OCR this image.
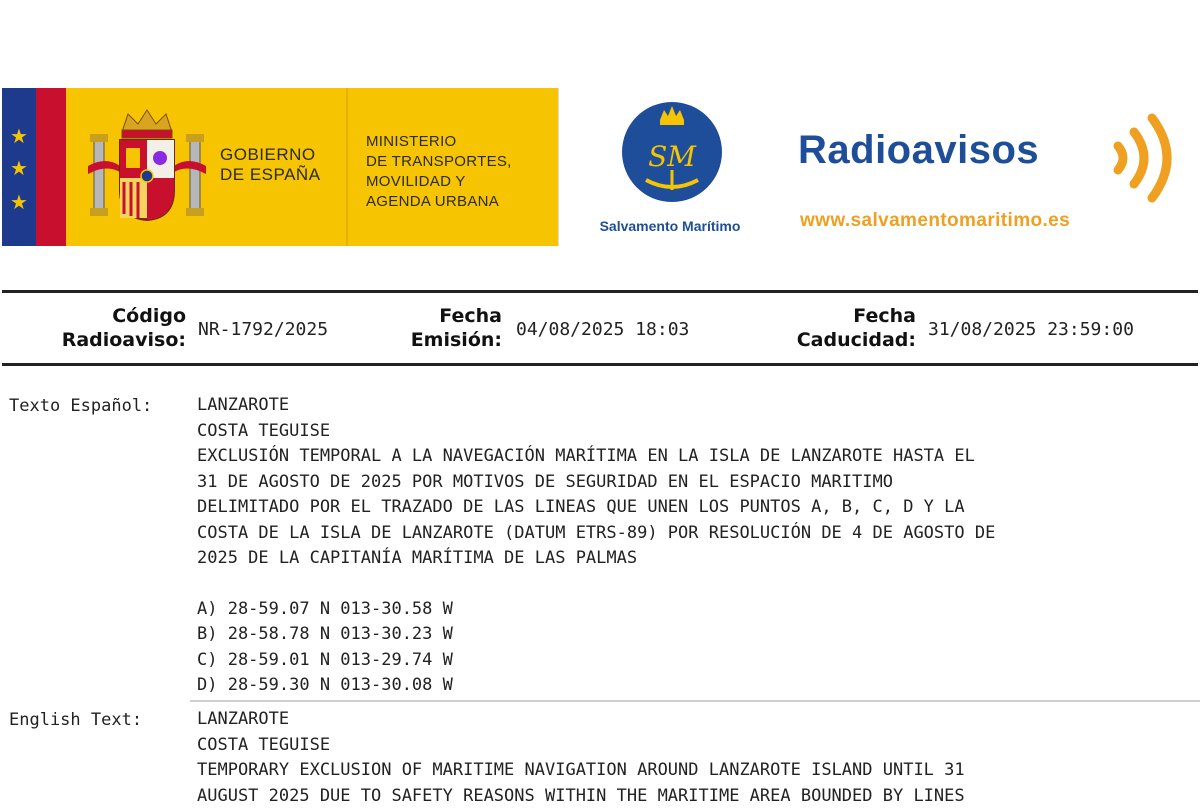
★
★
★
GOBIERNO
DE ESPAÑA
MINISTERIO
DE TRANSPORTES,
MOVILIDAD Y
AGENDA URBANA
SM
Salvamento Marítimo
Radioavisos
www.salvamentomaritimo.es
Código
Radioaviso: NR-1792/2025
Fecha
Emisión: 04/08/2025 18:03
Fecha
Caducidad: 31/08/2025 23:59:00
Texto Español:	LANZAROTE
COSTA TEGUISE
EXCLUSIÓN TEMPORAL A LA NAVEGACIÓN MARÍTIMA EN LA ISLA DE LANZAROTE HASTA EL
31 DE AGOSTO DE 2025 POR MOTIVOS DE SEGURIDAD EN EL ESPACIO MARITIMO
DELIMITADO POR EL TRAZADO DE LAS LINEAS QUE UNEN LOS PUNTOS A, B, C, D Y LA
COSTA DE LA ISLA DE LANZAROTE (DATUM ETRS-89) POR RESOLUCIÓN DE 4 DE AGOSTO DE
2025 DE LA CAPITANÍA MARÍTIMA DE LAS PALMAS
A) 28-59.07 N 013-30.58 W
B) 28-58.78 N 013-30.23 W
C) 28-59.01 N 013-29.74 W
D) 28-59.30 N 013-30.08 W
English Text:	LANZAROTE
COSTA TEGUISE
TEMPORARY EXCLUSION OF MARITIME NAVIGATION AROUND LANZAROTE ISLAND UNTIL 31
AUGUST 2025 DUE TO SAFETY REASONS WITHIN THE MARITIME AREA BOUNDED BY LINES
